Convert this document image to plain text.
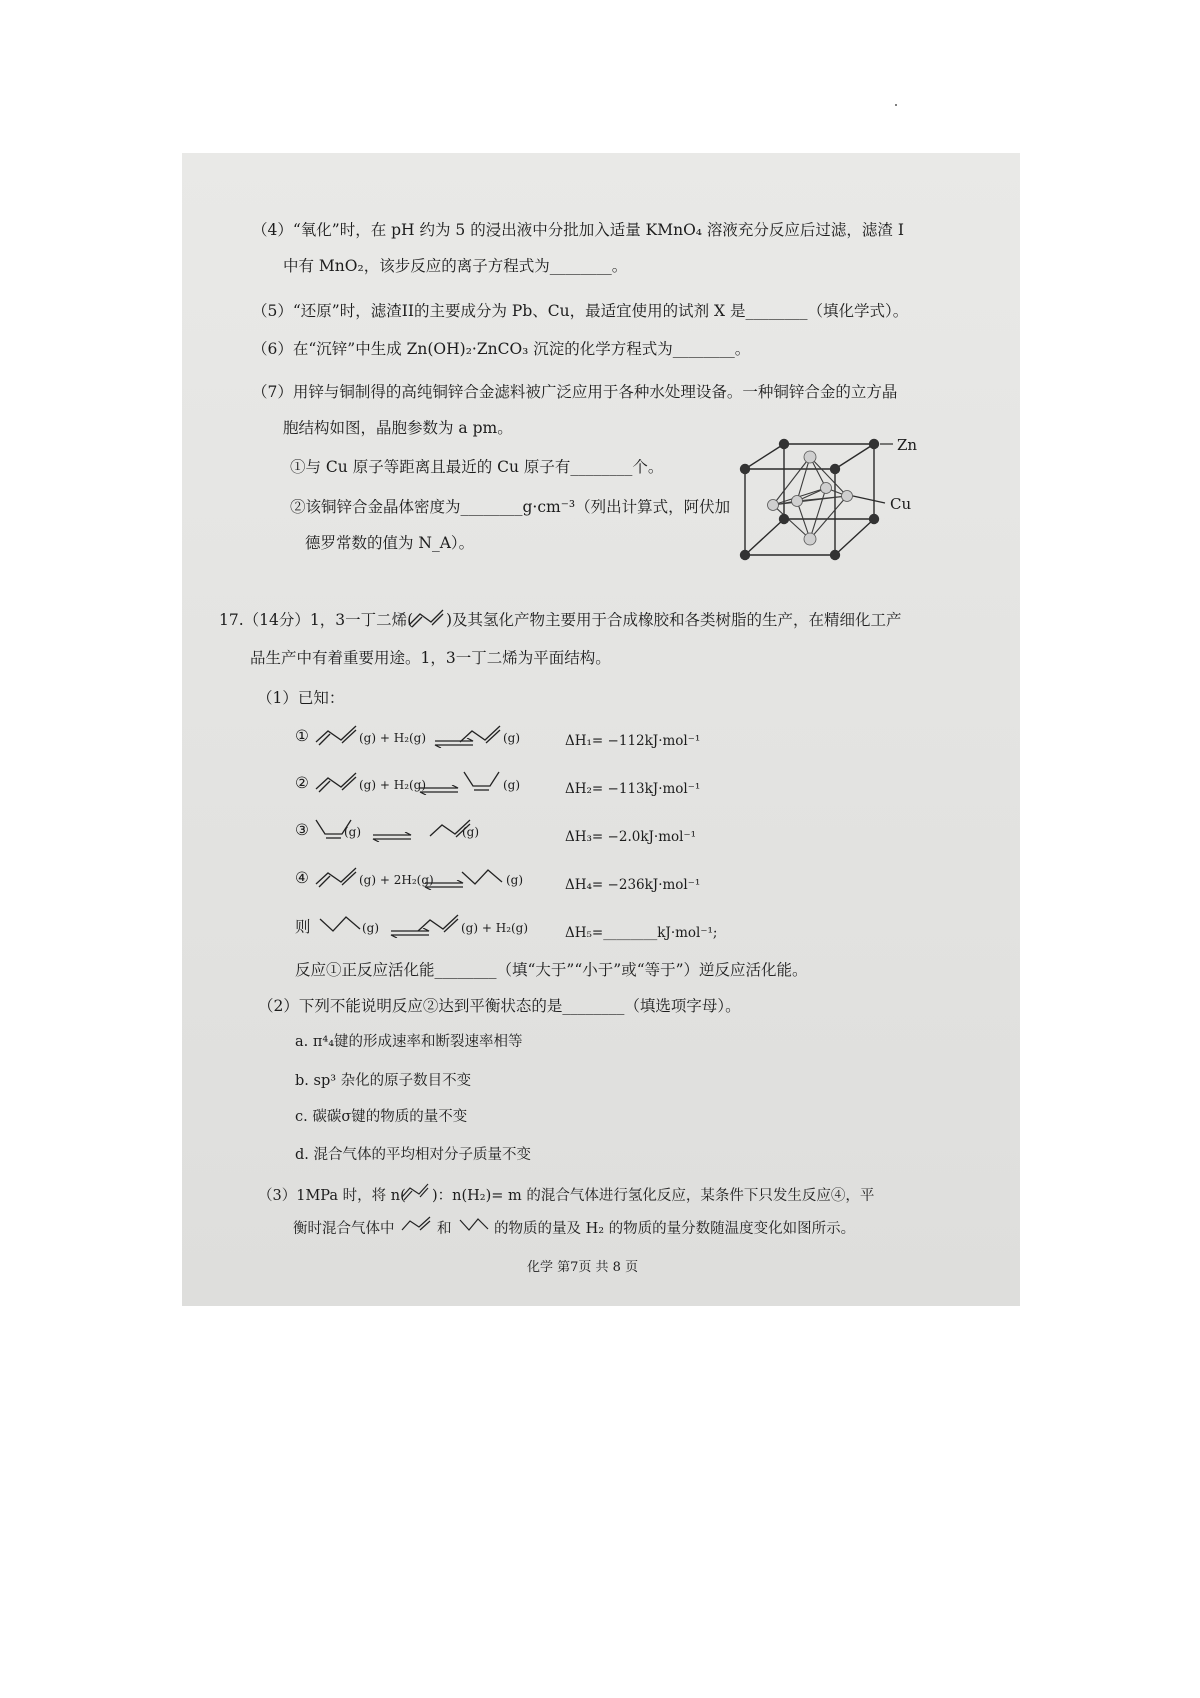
（4）“氧化”时，在 pH 约为 5 的浸出液中分批加入适量 KMnO₄ 溶液充分反应后过滤，滤渣 I
中有 MnO₂，该步反应的离子方程式为________。
（5）“还原”时，滤渣II的主要成分为 Pb、Cu，最适宜使用的试剂 X 是________（填化学式）。
（6）在“沉锌”中生成 Zn(OH)₂·ZnCO₃ 沉淀的化学方程式为________。
（7）用锌与铜制得的高纯铜锌合金滤料被广泛应用于各种水处理设备。一种铜锌合金的立方晶
胞结构如图，晶胞参数为 a pm。
①与 Cu 原子等距离且最近的 Cu 原子有________个。
②该铜锌合金晶体密度为________g·cm⁻³（列出计算式，阿伏加
德罗常数的值为 N_A）。
Zn
Cu
17.（14分）1，3一丁二烯( )及其氢化产物主要用于合成橡胶和各类树脂的生产，在精细化工产
品生产中有着重要用途。1，3一丁二烯为平面结构。
（1）已知：
①	(g) + H₂(g) ⇌ (g)	ΔH₁= −112kJ·mol⁻¹
②	(g) + H₂(g)	(g)	ΔH₂= −113kJ·mol⁻¹
③	(g) ⇌	(g)	ΔH₃= −2.0kJ·mol⁻¹
④	(g) + 2H₂(g)	(g)	ΔH₄= −236kJ·mol⁻¹
则	(g) ⇌	(g) + H₂(g)	ΔH₅=________kJ·mol⁻¹;
反应①正反应活化能________（填“大于”“小于”或“等于”）逆反应活化能。
（2）下列不能说明反应②达到平衡状态的是________（填选项字母）。
a. π⁴₄键的形成速率和断裂速率相等
b. sp³ 杂化的原子数目不变
c. 碳碳σ键的物质的量不变
d. 混合气体的平均相对分子质量不变
（3）1MPa 时，将 n( )：n(H₂)= m 的混合气体进行氢化反应，某条件下只发生反应④，平
衡时混合气体中	和	的物质的量及 H₂ 的物质的量分数随温度变化如图所示。
化学 第7页 共 8 页
